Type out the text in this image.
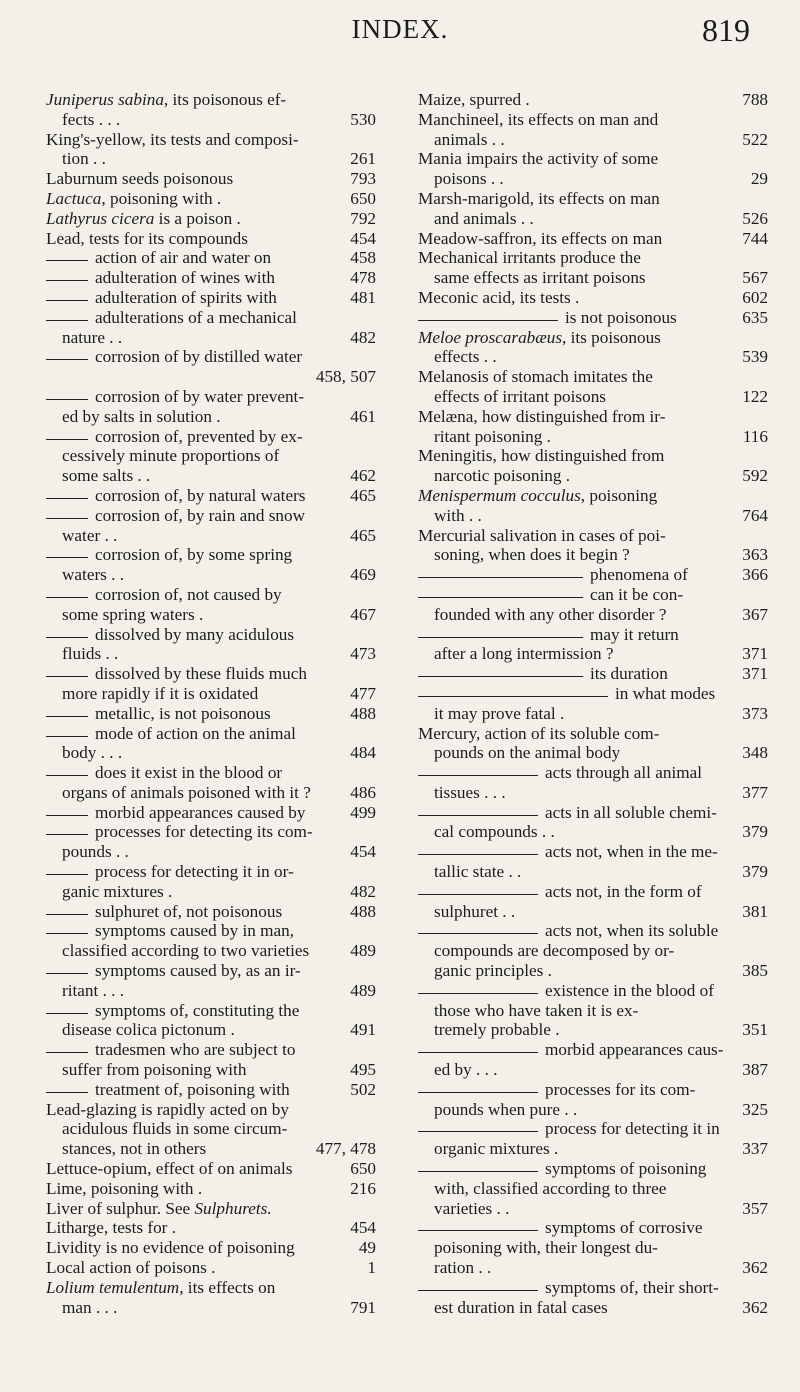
INDEX.	819
Juniperus sabina, its poisonous ef-
fects . . .	530
King's-yellow, its tests and composi-
tion . .	261
Laburnum seeds poisonous	793
Lactuca, poisoning with .	650
Lathyrus cicera is a poison .	792
Lead, tests for its compounds	454
action of air and water on	458
adulteration of wines with	478
adulteration of spirits with	481
adulterations of a mechanical
nature . .	482
corrosion of by distilled water
458, 507
corrosion of by water prevent-
ed by salts in solution .	461
corrosion of, prevented by ex-
cessively minute proportions of
some salts . .	462
corrosion of, by natural waters	465
corrosion of, by rain and snow
water . .	465
corrosion of, by some spring
waters . .	469
corrosion of, not caused by
some spring waters .	467
dissolved by many acidulous
fluids . .	473
dissolved by these fluids much
more rapidly if it is oxidated	477
metallic, is not poisonous	488
mode of action on the animal
body . . .	484
does it exist in the blood or
organs of animals poisoned with it ?	486
morbid appearances caused by	499
processes for detecting its com-
pounds . .	454
process for detecting it in or-
ganic mixtures .	482
sulphuret of, not poisonous	488
symptoms caused by in man,
classified according to two varieties	489
symptoms caused by, as an ir-
ritant . . .	489
symptoms of, constituting the
disease colica pictonum .	491
tradesmen who are subject to
suffer from poisoning with	495
treatment of, poisoning with	502
Lead-glazing is rapidly acted on by
acidulous fluids in some circum-
stances, not in others	477, 478
Lettuce-opium, effect of on animals	650
Lime, poisoning with .	216
Liver of sulphur. See Sulphurets.
Litharge, tests for .	454
Lividity is no evidence of poisoning	49
Local action of poisons .	1
Lolium temulentum, its effects on
man . . .	791
Maize, spurred .	788
Manchineel, its effects on man and
animals . .	522
Mania impairs the activity of some
poisons . .	29
Marsh-marigold, its effects on man
and animals . .	526
Meadow-saffron, its effects on man	744
Mechanical irritants produce the
same effects as irritant poisons	567
Meconic acid, its tests .	602
is not poisonous	635
Meloe proscarabæus, its poisonous
effects . .	539
Melanosis of stomach imitates the
effects of irritant poisons	122
Melæna, how distinguished from ir-
ritant poisoning .	116
Meningitis, how distinguished from
narcotic poisoning .	592
Menispermum cocculus, poisoning
with . .	764
Mercurial salivation in cases of poi-
soning, when does it begin ?	363
phenomena of	366
can it be con-
founded with any other disorder ?	367
may it return
after a long intermission ?	371
its duration	371
in what modes
it may prove fatal .	373
Mercury, action of its soluble com-
pounds on the animal body	348
acts through all animal
tissues . . .	377
acts in all soluble chemi-
cal compounds . .	379
acts not, when in the me-
tallic state . .	379
acts not, in the form of
sulphuret . .	381
acts not, when its soluble
compounds are decomposed by or-
ganic principles .	385
existence in the blood of
those who have taken it is ex-
tremely probable .	351
morbid appearances caus-
ed by . . .	387
processes for its com-
pounds when pure . .	325
process for detecting it in
organic mixtures .	337
symptoms of poisoning
with, classified according to three
varieties . .	357
symptoms of corrosive
poisoning with, their longest du-
ration . .	362
symptoms of, their short-
est duration in fatal cases	362
